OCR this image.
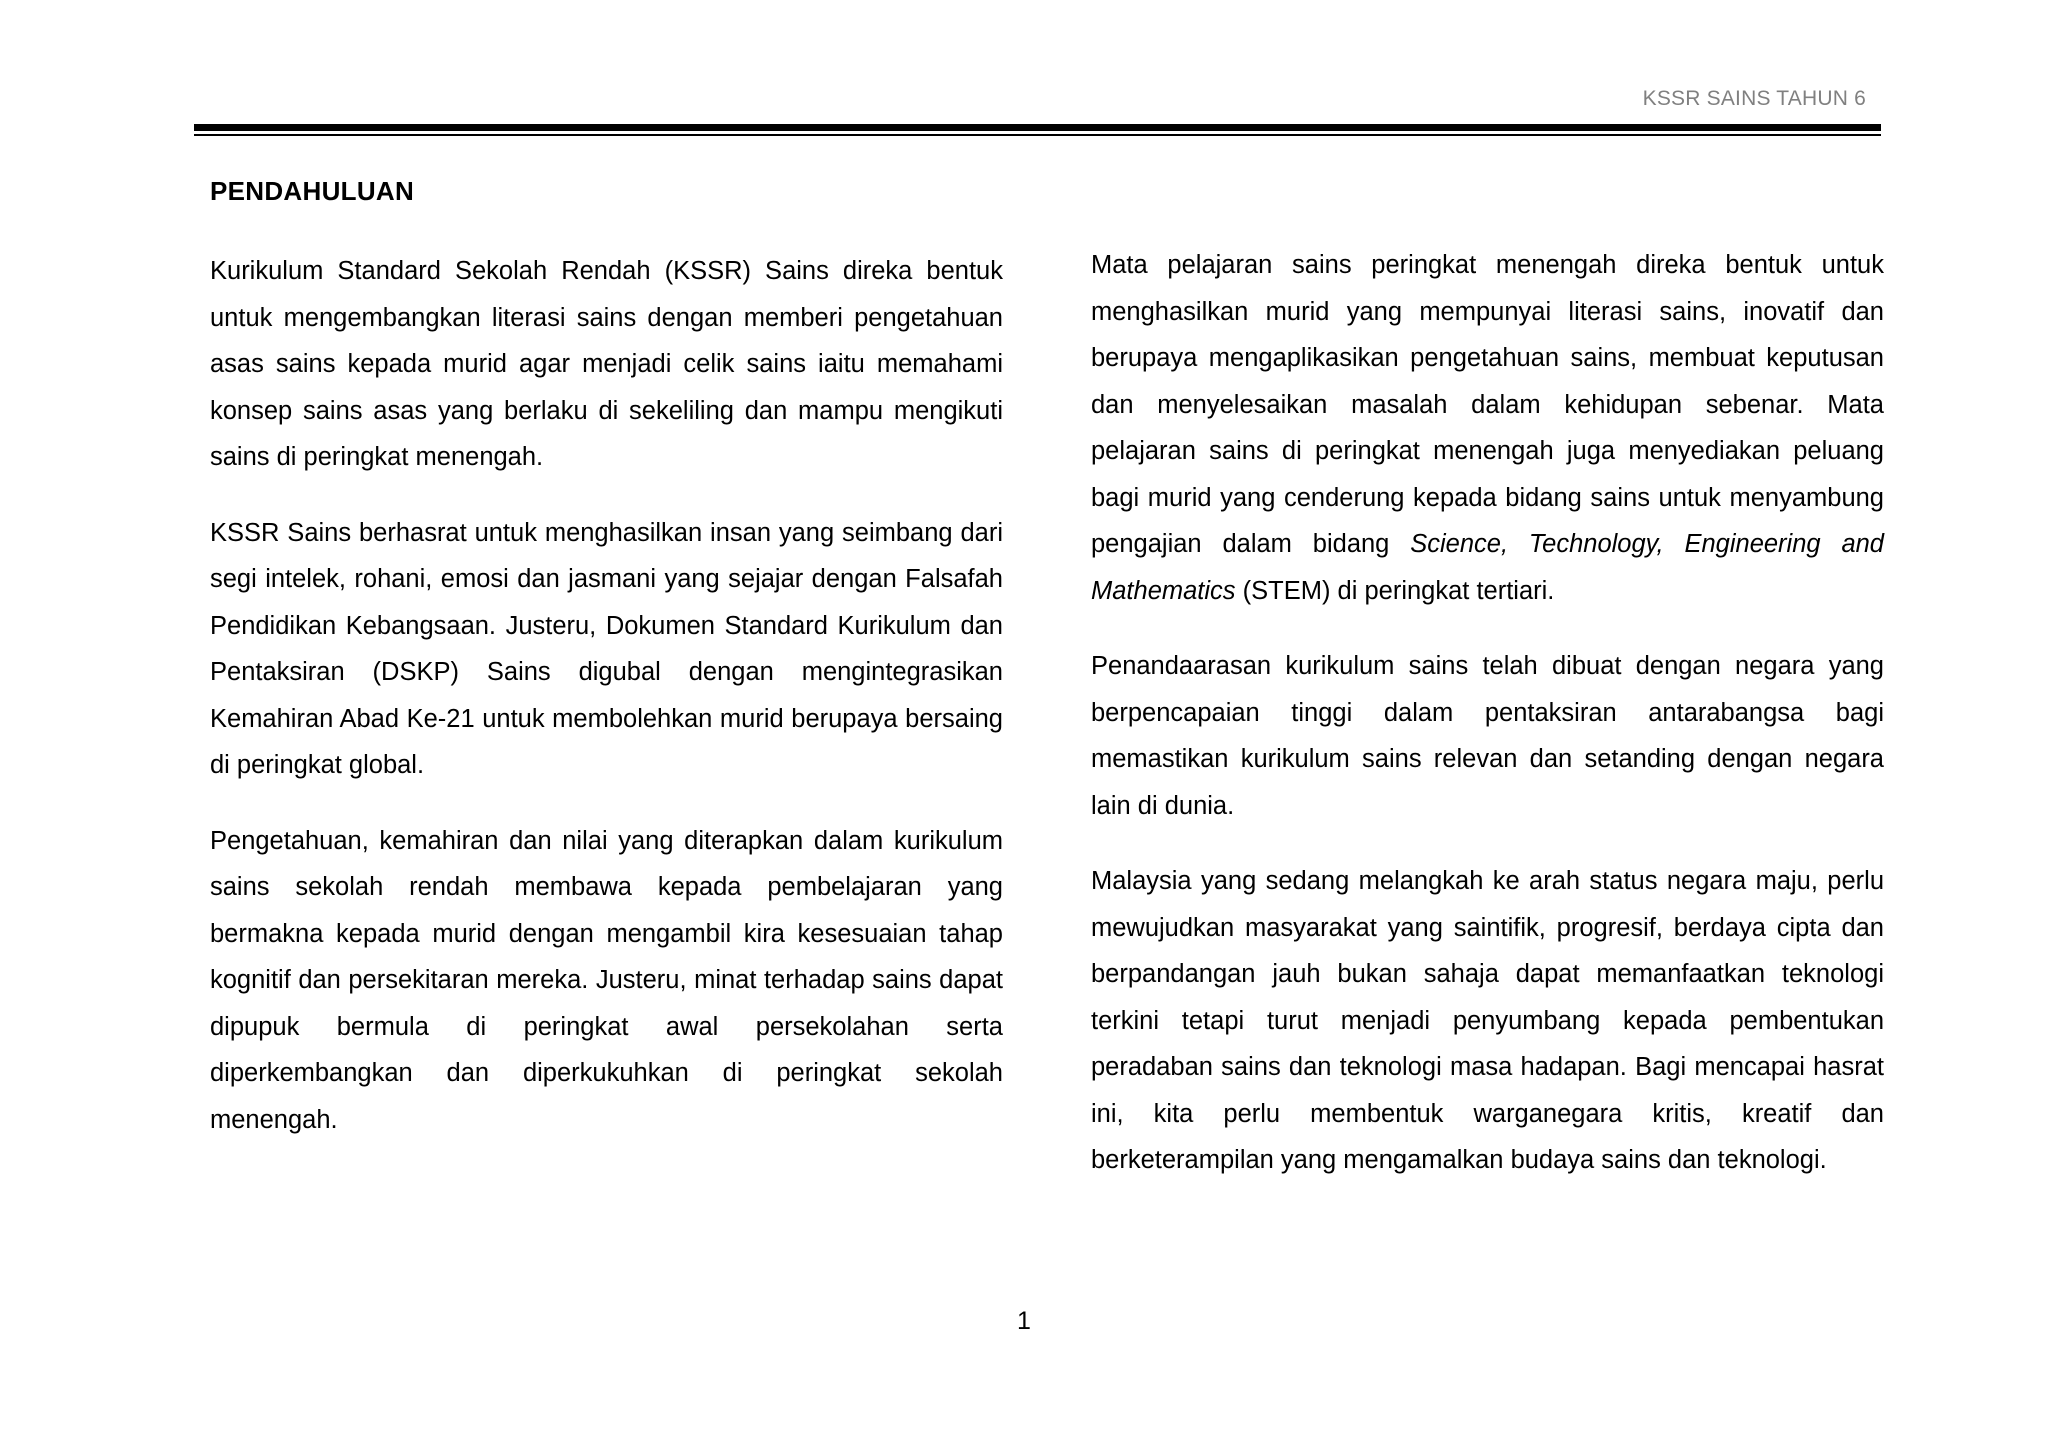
KSSR SAINS TAHUN 6
PENDAHULUAN

Kurikulum Standard Sekolah Rendah (KSSR) Sains direka bentuk untuk mengembangkan literasi sains dengan memberi pengetahuan asas sains kepada murid agar menjadi celik sains iaitu memahami konsep sains asas yang berlaku di sekeliling dan mampu mengikuti sains di peringkat menengah.

KSSR Sains berhasrat untuk menghasilkan insan yang seimbang dari segi intelek, rohani, emosi dan jasmani yang sejajar dengan Falsafah Pendidikan Kebangsaan. Justeru, Dokumen Standard Kurikulum dan Pentaksiran (DSKP) Sains digubal dengan mengintegrasikan Kemahiran Abad Ke-21 untuk membolehkan murid berupaya bersaing di peringkat global.

Pengetahuan, kemahiran dan nilai yang diterapkan dalam kurikulum sains sekolah rendah membawa kepada pembelajaran yang bermakna kepada murid dengan mengambil kira kesesuaian tahap kognitif dan persekitaran mereka. Justeru, minat terhadap sains dapat dipupuk bermula di peringkat awal persekolahan serta diperkembangkan dan diperkukuhkan di peringkat sekolah menengah.

Mata pelajaran sains peringkat menengah direka bentuk untuk menghasilkan murid yang mempunyai literasi sains, inovatif dan berupaya mengaplikasikan pengetahuan sains, membuat keputusan dan menyelesaikan masalah dalam kehidupan sebenar. Mata pelajaran sains di peringkat menengah juga menyediakan peluang bagi murid yang cenderung kepada bidang sains untuk menyambung pengajian dalam bidang Science, Technology, Engineering and Mathematics (STEM) di peringkat tertiari.

Penandaarasan kurikulum sains telah dibuat dengan negara yang berpencapaian tinggi dalam pentaksiran antarabangsa bagi memastikan kurikulum sains relevan dan setanding dengan negara lain di dunia.

Malaysia yang sedang melangkah ke arah status negara maju, perlu mewujudkan masyarakat yang saintifik, progresif, berdaya cipta dan berpandangan jauh bukan sahaja dapat memanfaatkan teknologi terkini tetapi turut menjadi penyumbang kepada pembentukan peradaban sains dan teknologi masa hadapan. Bagi mencapai hasrat ini, kita perlu membentuk warganegara kritis, kreatif dan berketerampilan yang mengamalkan budaya sains dan teknologi.

1
